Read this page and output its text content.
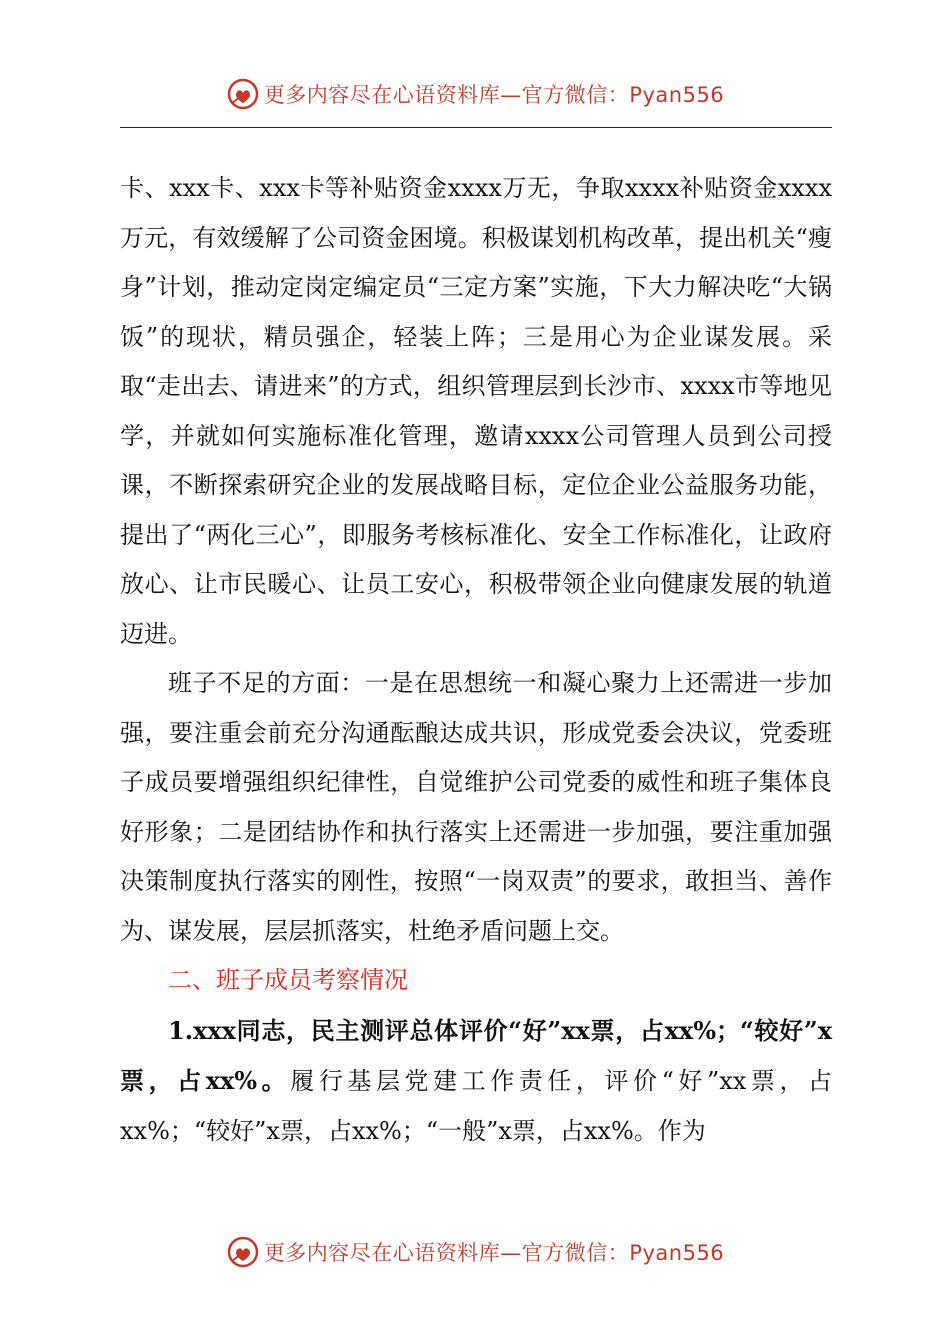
更多内容尽在心语资料库—官方微信：Pyan556

卡、xxx卡、xxx卡等补贴资金xxxx万无，争取xxxx补贴资金xxxx万元，有效缓解了公司资金困境。积极谋划机构改革，提出机关“瘦身”计划，推动定岗定编定员“三定方案”实施，下大力解决吃“大锅饭”的现状，精员强企，轻装上阵；三是用心为企业谋发展。采取“走出去、请进来”的方式，组织管理层到长沙市、xxxx市等地见学，并就如何实施标准化管理，邀请xxxx公司管理人员到公司授课，不断探索研究企业的发展战略目标，定位企业公益服务功能，提出了“两化三心”，即服务考核标准化、安全工作标准化，让政府放心、让市民暖心、让员工安心，积极带领企业向健康发展的轨道迈进。

班子不足的方面：一是在思想统一和凝心聚力上还需进一步加强，要注重会前充分沟通酝酿达成共识，形成党委会决议，党委班子成员要增强组织纪律性，自觉维护公司党委的威性和班子集体良好形象；二是团结协作和执行落实上还需进一步加强，要注重加强决策制度执行落实的刚性，按照“一岗双责”的要求，敢担当、善作为、谋发展，层层抓落实，杜绝矛盾问题上交。

二、班子成员考察情况

1.xxx同志，民主测评总体评价“好”xx票，占xx%；“较好”x票，占xx%。履行基层党建工作责任，评价“好”xx票，占xx%；“较好”x票，占xx%；“一般”x票，占xx%。作为

更多内容尽在心语资料库—官方微信：Pyan556
